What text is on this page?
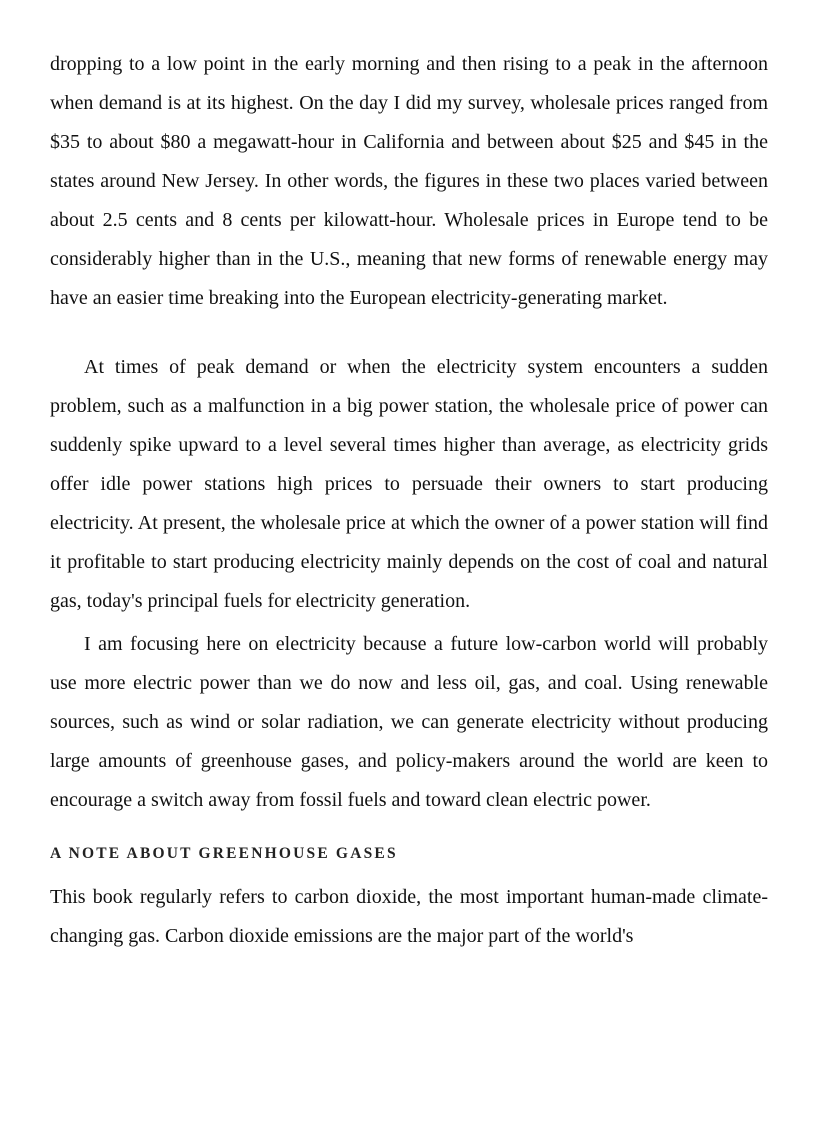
dropping to a low point in the early morning and then rising to a peak in the afternoon when demand is at its highest. On the day I did my survey, wholesale prices ranged from $35 to about $80 a megawatt-hour in California and between about $25 and $45 in the states around New Jersey. In other words, the figures in these two places varied between about 2.5 cents and 8 cents per kilowatt-hour. Wholesale prices in Europe tend to be considerably higher than in the U.S., meaning that new forms of renewable energy may have an easier time breaking into the European electricity-generating market.

At times of peak demand or when the electricity system encounters a sudden problem, such as a malfunction in a big power station, the wholesale price of power can suddenly spike upward to a level several times higher than average, as electricity grids offer idle power stations high prices to persuade their owners to start producing electricity. At present, the wholesale price at which the owner of a power station will find it profitable to start producing electricity mainly depends on the cost of coal and natural gas, today's principal fuels for electricity generation.

I am focusing here on electricity because a future low-carbon world will probably use more electric power than we do now and less oil, gas, and coal. Using renewable sources, such as wind or solar radiation, we can generate electricity without producing large amounts of greenhouse gases, and policy-makers around the world are keen to encourage a switch away from fossil fuels and toward clean electric power.

A NOTE ABOUT GREENHOUSE GASES

This book regularly refers to carbon dioxide, the most important human-made climate-changing gas. Carbon dioxide emissions are the major part of the world's
